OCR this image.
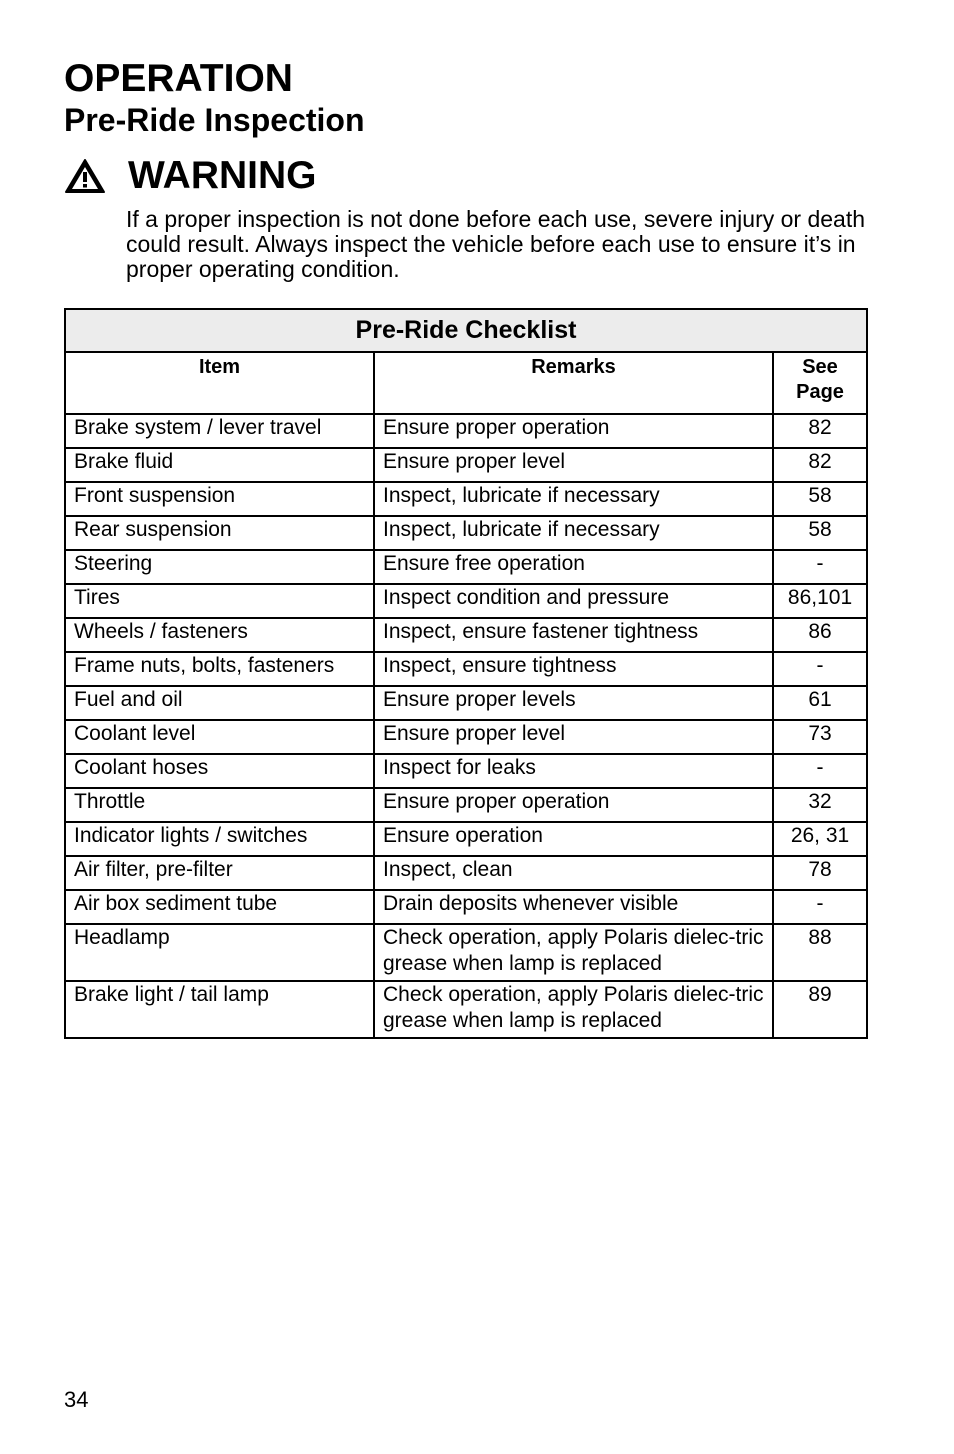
OPERATION
Pre-Ride Inspection
WARNING

If a proper inspection is not done before each use, severe injury or death could result. Always inspect the vehicle before each use to ensure it’s in proper operating condition.

Pre-Ride Checklist		
Item	Remarks	See Page
Brake system / lever travel	Ensure proper operation	82
Brake fluid	Ensure proper level	82
Front suspension	Inspect, lubricate if necessary	58
Rear suspension	Inspect, lubricate if necessary	58
Steering	Ensure free operation	-
Tires	Inspect condition and pressure	86,101
Wheels / fasteners	Inspect, ensure fastener tightness	86
Frame nuts, bolts, fasteners	Inspect, ensure tightness	-
Fuel and oil	Ensure proper levels	61
Coolant level	Ensure proper level	73
Coolant hoses	Inspect for leaks	-
Throttle	Ensure proper operation	32
Indicator lights / switches	Ensure operation	26, 31
Air filter, pre-filter	Inspect, clean	78
Air box sediment tube	Drain deposits whenever visible	-
Headlamp	Check operation, apply Polaris dielec-tric grease when lamp is replaced	88
Brake light / tail lamp	Check operation, apply Polaris dielec-tric grease when lamp is replaced	89

34
